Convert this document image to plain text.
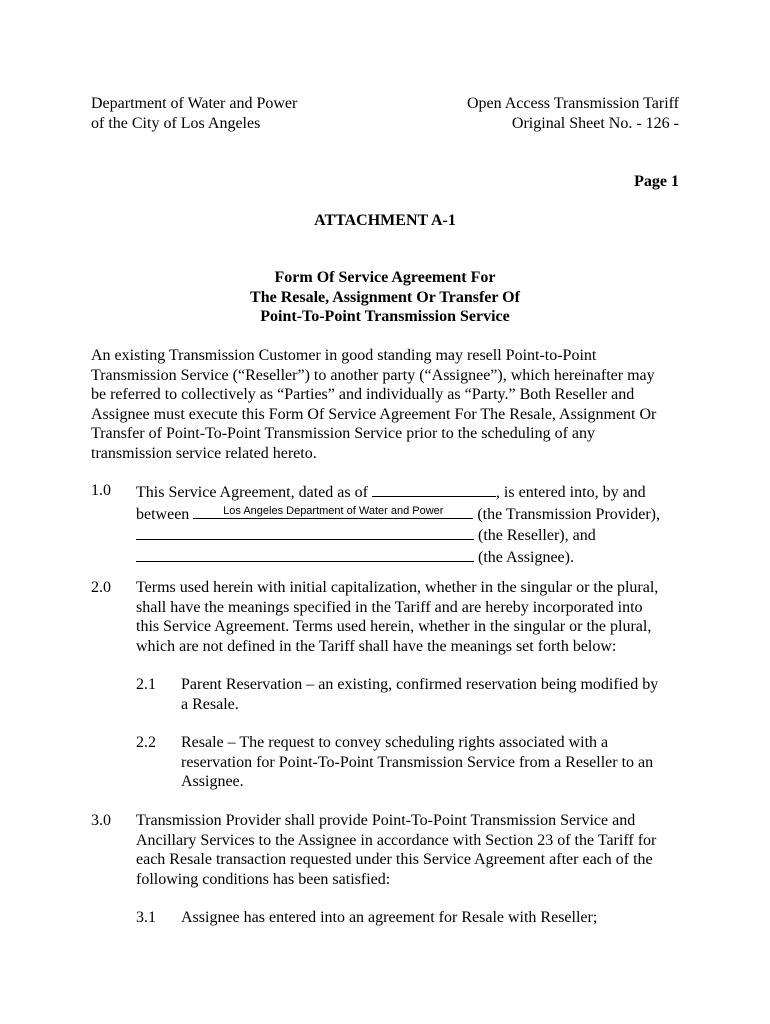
Department of Water and Power
of the City of Los Angeles
Open Access Transmission Tariff
Original Sheet No. - 126 -
Page 1
ATTACHMENT A-1
Form Of Service Agreement For
The Resale, Assignment Or Transfer Of
Point-To-Point Transmission Service
An existing Transmission Customer in good standing may resell Point-to-Point
Transmission Service (“Reseller”) to another party (“Assignee”), which hereinafter may
be referred to collectively as “Parties” and individually as “Party.” Both Reseller and
Assignee must execute this Form Of Service Agreement For The Resale, Assignment Or
Transfer of Point-To-Point Transmission Service prior to the scheduling of any
transmission service related hereto.
1.0 This Service Agreement, dated as of	, is entered into, by and
between	Los Angeles Department of Water and Power	(the Transmission Provider),
(the Reseller), and
(the Assignee).
2.0 Terms used herein with initial capitalization, whether in the singular or the plural,
shall have the meanings specified in the Tariff and are hereby incorporated into
this Service Agreement. Terms used herein, whether in the singular or the plural,
which are not defined in the Tariff shall have the meanings set forth below:
2.1 Parent Reservation – an existing, confirmed reservation being modified by
a Resale.
2.2 Resale – The request to convey scheduling rights associated with a
reservation for Point-To-Point Transmission Service from a Reseller to an
Assignee.
3.0 Transmission Provider shall provide Point-To-Point Transmission Service and
Ancillary Services to the Assignee in accordance with Section 23 of the Tariff for
each Resale transaction requested under this Service Agreement after each of the
following conditions has been satisfied:
3.1 Assignee has entered into an agreement for Resale with Reseller;
